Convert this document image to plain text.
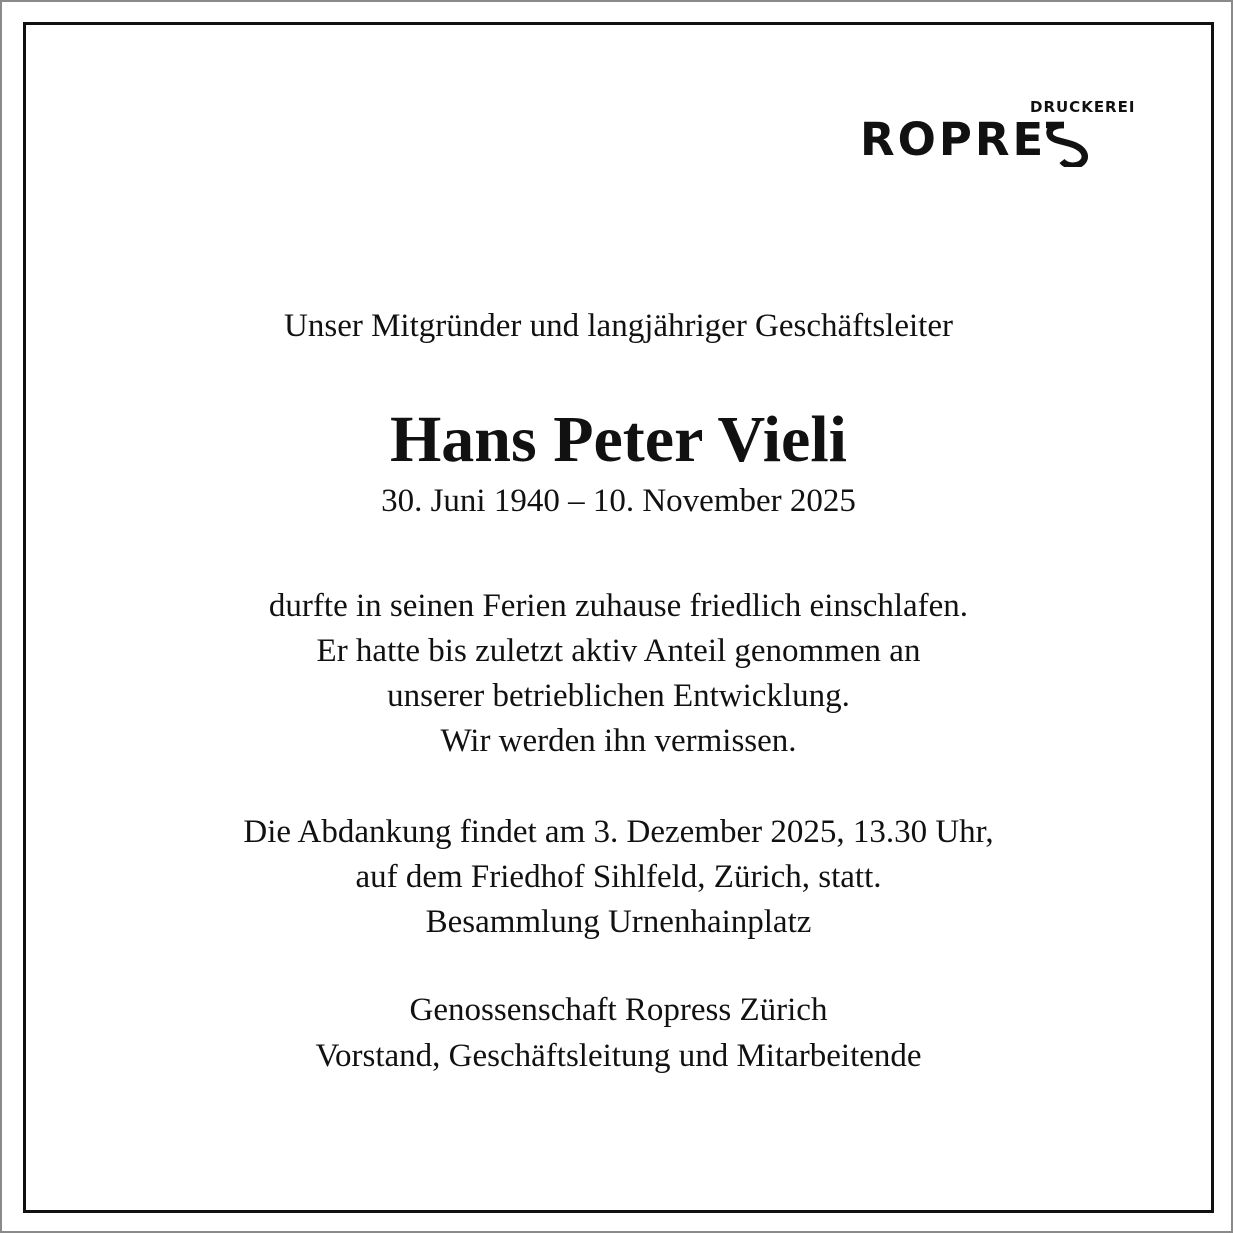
DRUCKEREI
ROPRE
Unser Mitgründer und langjähriger Geschäftsleiter
Hans Peter Vieli
30. Juni 1940 – 10. November 2025
durfte in seinen Ferien zuhause friedlich einschlafen.
Er hatte bis zuletzt aktiv Anteil genommen an
unserer betrieblichen Entwicklung.
Wir werden ihn vermissen.
Die Abdankung findet am 3. Dezember 2025, 13.30 Uhr,
auf dem Friedhof Sihlfeld, Zürich, statt.
Besammlung Urnenhainplatz
Genossenschaft Ropress Zürich
Vorstand, Geschäftsleitung und Mitarbeitende
